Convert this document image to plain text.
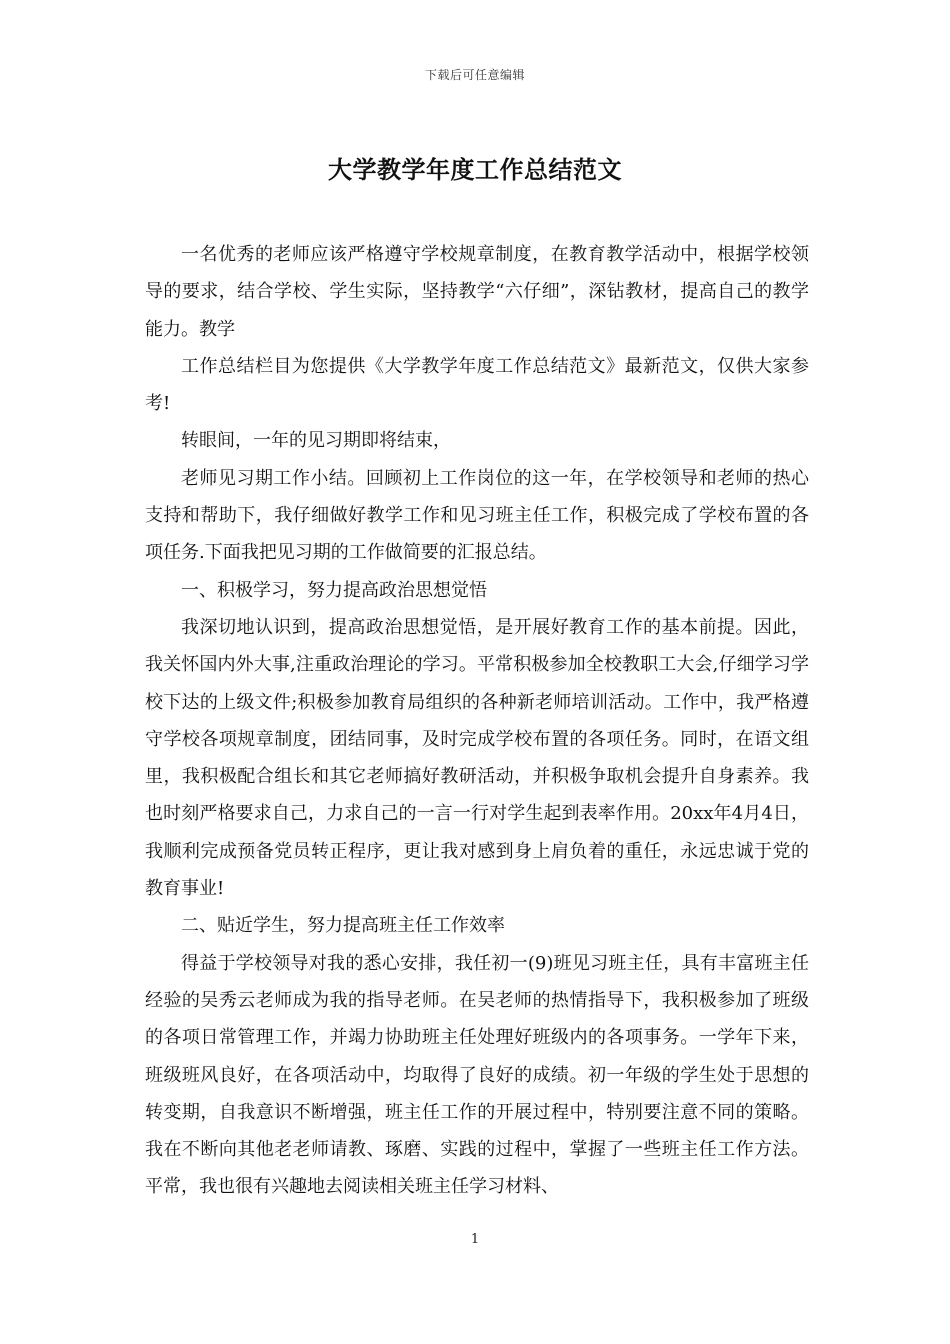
下载后可任意编辑
大学教学年度工作总结范文

一名优秀的老师应该严格遵守学校规章制度，在教育教学活动中，根据学校领导的要求，结合学校、学生实际，坚持教学“六仔细”，深钻教材，提高自己的教学能力。教学

工作总结栏目为您提供《大学教学年度工作总结范文》最新范文，仅供大家参考!

转眼间，一年的见习期即将结束，

老师见习期工作小结。回顾初上工作岗位的这一年，在学校领导和老师的热心支持和帮助下，我仔细做好教学工作和见习班主任工作，积极完成了学校布置的各项任务.下面我把见习期的工作做简要的汇报总结。

一、积极学习，努力提高政治思想觉悟

我深切地认识到，提高政治思想觉悟，是开展好教育工作的基本前提。因此，我关怀国内外大事,注重政治理论的学习。平常积极参加全校教职工大会,仔细学习学校下达的上级文件;积极参加教育局组织的各种新老师培训活动。工作中，我严格遵守学校各项规章制度，团结同事，及时完成学校布置的各项任务。同时，在语文组里，我积极配合组长和其它老师搞好教研活动，并积极争取机会提升自身素养。我也时刻严格要求自己，力求自己的一言一行对学生起到表率作用。20xx年4月4日，我顺利完成预备党员转正程序，更让我对感到身上肩负着的重任，永远忠诚于党的教育事业!

二、贴近学生，努力提高班主任工作效率

得益于学校领导对我的悉心安排，我任初一(9)班见习班主任，具有丰富班主任经验的吴秀云老师成为我的指导老师。在吴老师的热情指导下，我积极参加了班级的各项日常管理工作，并竭力协助班主任处理好班级内的各项事务。一学年下来，班级班风良好，在各项活动中，均取得了良好的成绩。初一年级的学生处于思想的转变期，自我意识不断增强，班主任工作的开展过程中，特别要注意不同的策略。我在不断向其他老老师请教、琢磨、实践的过程中，掌握了一些班主任工作方法。平常，我也很有兴趣地去阅读相关班主任学习材料、

1
